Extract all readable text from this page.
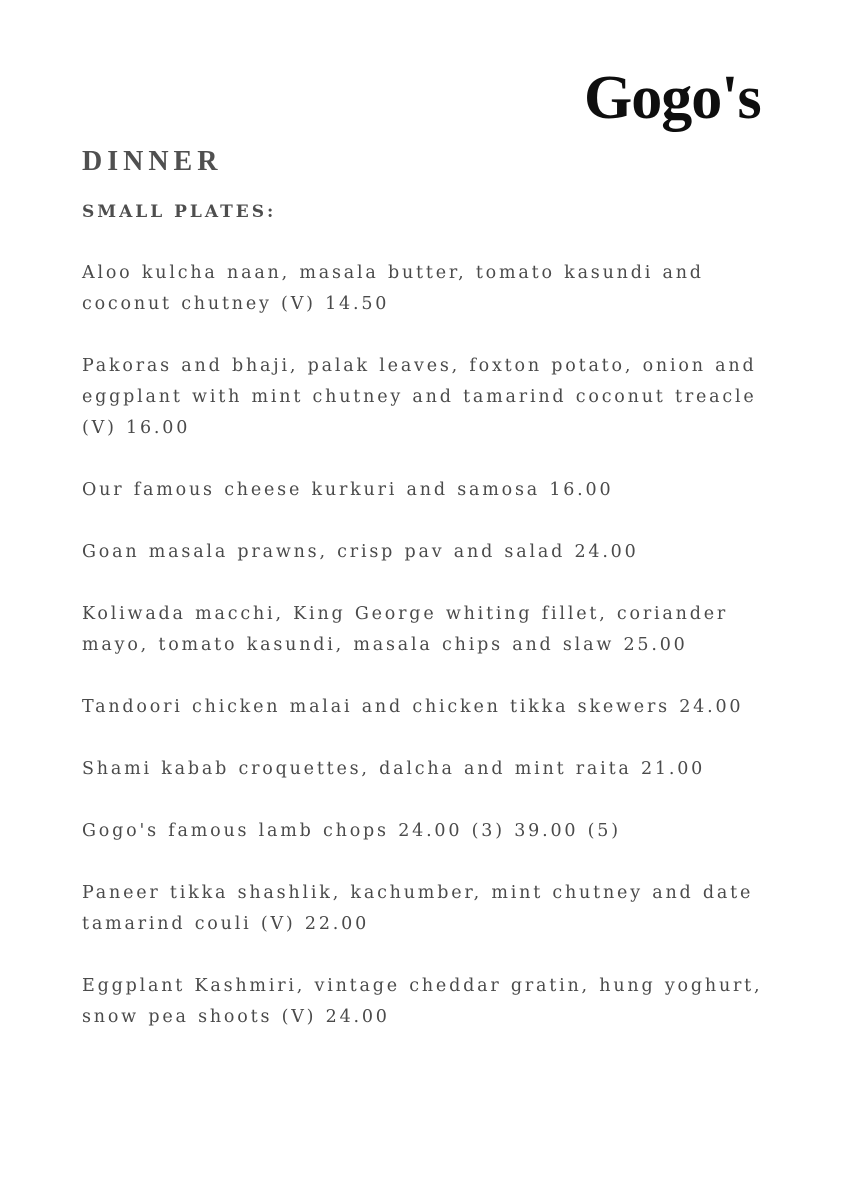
Gogo's
DINNER
SMALL PLATES:
Aloo kulcha naan, masala butter, tomato kasundi and coconut chutney (V) 14.50
Pakoras and bhaji, palak leaves, foxton potato, onion and eggplant with mint chutney and tamarind coconut treacle (V) 16.00
Our famous cheese kurkuri and samosa 16.00
Goan masala prawns, crisp pav and salad 24.00
Koliwada macchi, King George whiting fillet, coriander mayo, tomato kasundi, masala chips and slaw 25.00
Tandoori chicken malai and chicken tikka skewers 24.00
Shami kabab croquettes, dalcha and mint raita 21.00
Gogo's famous lamb chops 24.00 (3) 39.00 (5)
Paneer tikka shashlik, kachumber, mint chutney and date tamarind couli (V) 22.00
Eggplant Kashmiri, vintage cheddar gratin, hung yoghurt, snow pea shoots (V) 24.00
